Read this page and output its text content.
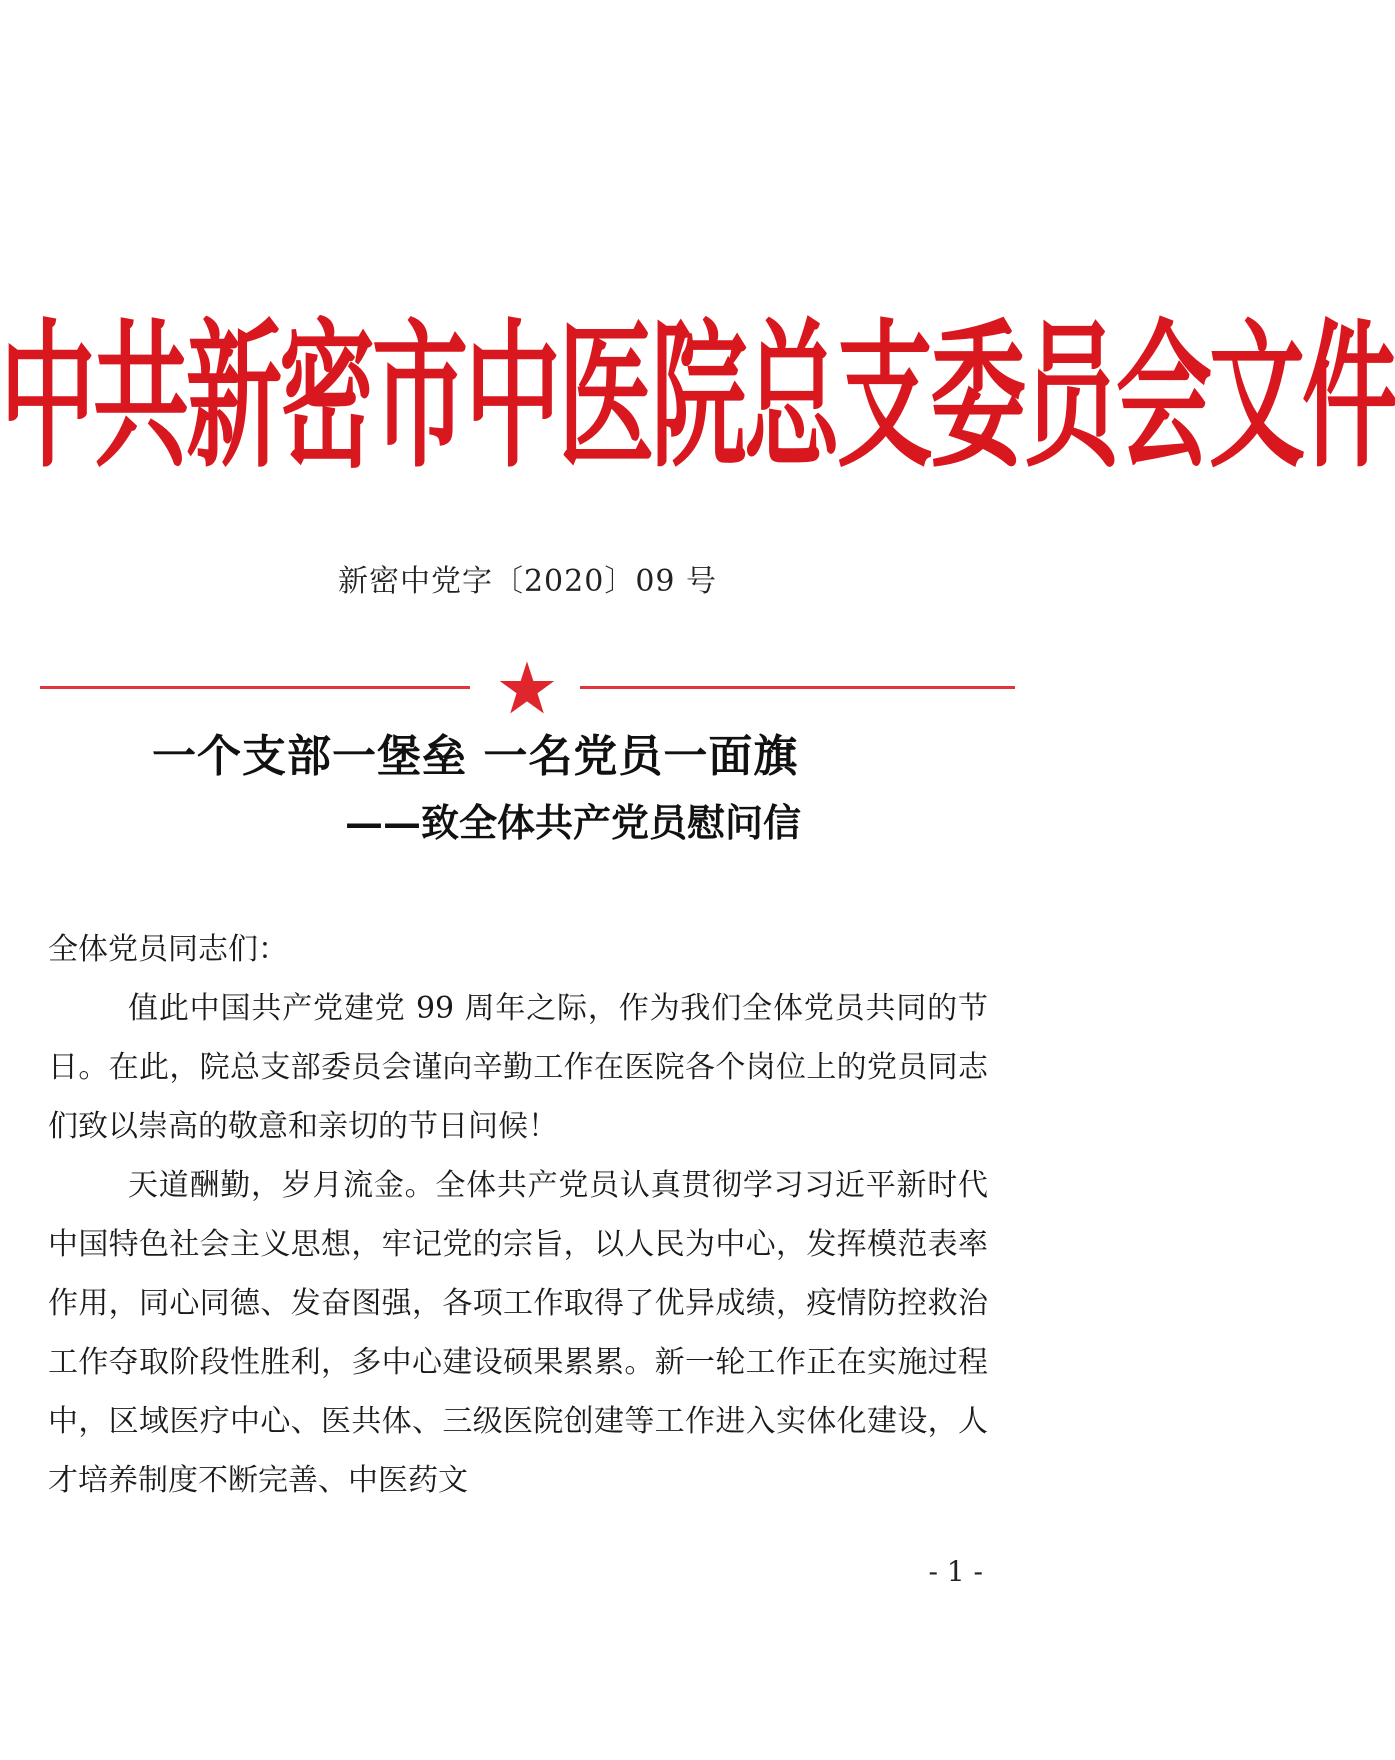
中共新密市中医院总支委员会文件
新密中党字〔2020〕09 号
一个支部一堡垒 一名党员一面旗
——致全体共产党员慰问信

全体党员同志们：

值此中国共产党建党 99 周年之际，作为我们全体党员共同的节日。在此，院总支部委员会谨向辛勤工作在医院各个岗位上的党员同志们致以崇高的敬意和亲切的节日问候！

天道酬勤，岁月流金。全体共产党员认真贯彻学习习近平新时代中国特色社会主义思想，牢记党的宗旨，以人民为中心，发挥模范表率作用，同心同德、发奋图强，各项工作取得了优异成绩，疫情防控救治工作夺取阶段性胜利，多中心建设硕果累累。新一轮工作正在实施过程中，区域医疗中心、医共体、三级医院创建等工作进入实体化建设，人才培养制度不断完善、中医药文

- 1 -
